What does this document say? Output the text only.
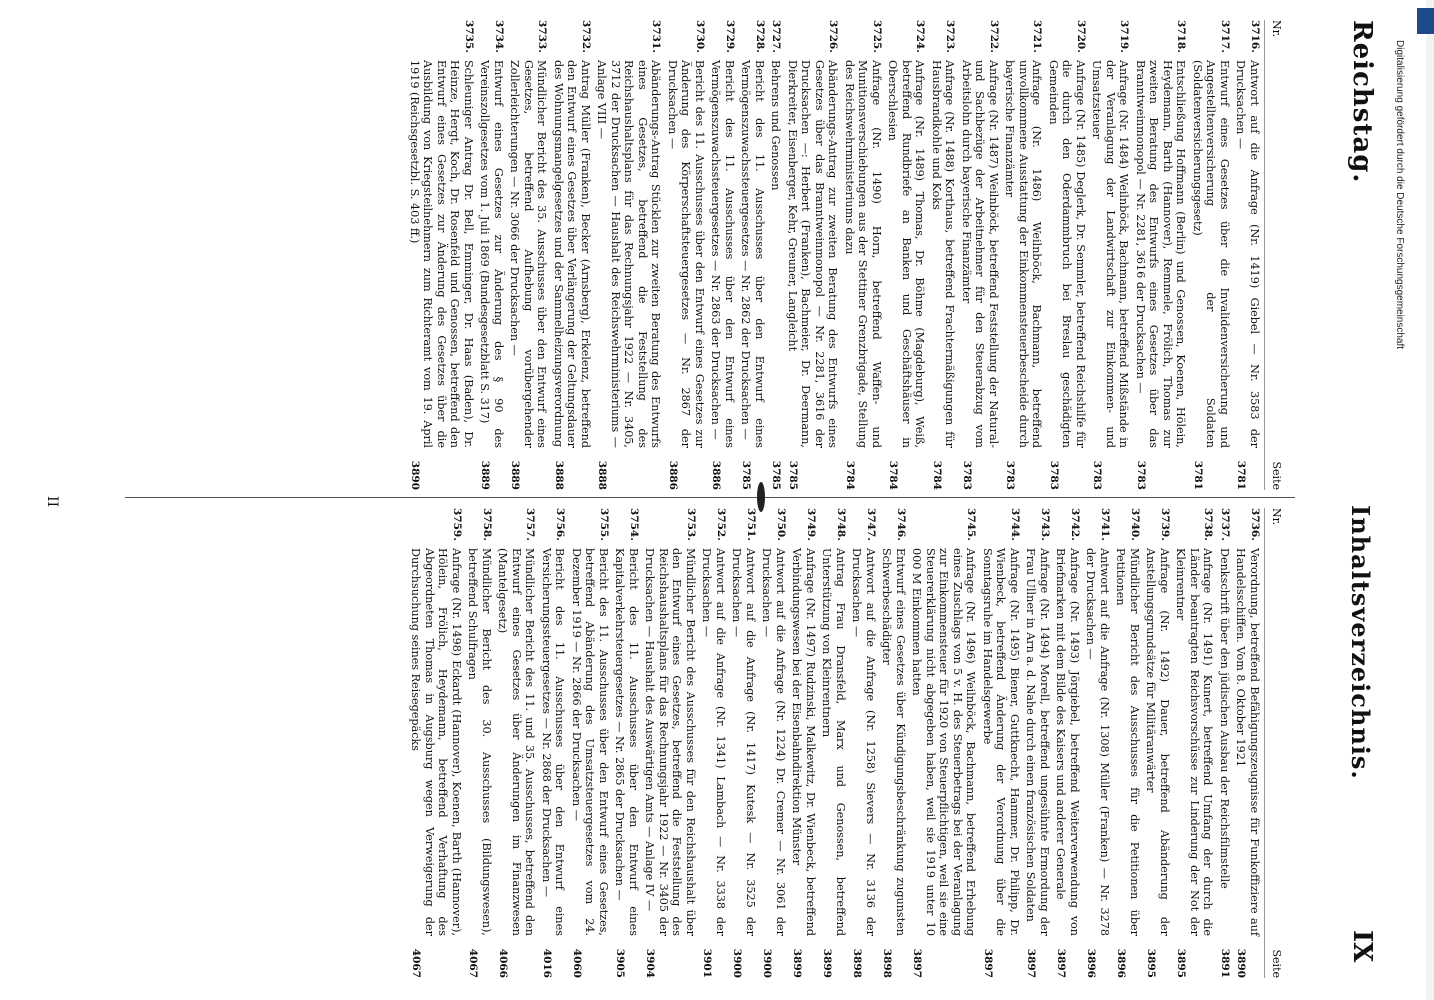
Reichstag.
Inhaltsverzeichnis.
IX
Nr.
Seite
3716.
Antwort auf die Anfrage (Nr. 1419) Giebel — Nr. 3583 der Drucksachen —
3781
3717.
Entwurf eines Gesetzes über die Invalidenversicherung und Angestelltenversicherung der Soldaten (Soldatenversicherungsgesetz)
3781
3718.
Entschließung Hoffmann (Berlin) und Genossen, Koenen, Hölein, Heydemann, Barth (Hannover), Remmele, Frölich, Thomas zur zweiten Beratung des Entwurfs eines Gesetzes über das Branntweinmonopol — Nr. 2281, 3616 der Drucksachen —
3783
3719.
Anfrage (Nr. 1484) Weilnböck, Bachmann, betreffend Mißstände in der Veranlagung der Landwirtschaft zur Einkommen- und Umsatzsteuer
3783
3720.
Anfrage (Nr. 1485) Deglerk, Dr. Semmler, betreffend Reichshilfe für die durch den Oderdammbruch bei Breslau geschädigten Gemeinden
3783
3721.
Anfrage (Nr. 1486) Weilnböck, Bachmann, betreffend unvollkommene Ausstattung der Einkommensteuerbescheide durch bayerische Finanzämter
3783
3722.
Anfrage (Nr. 1487) Weilnböck, betreffend Feststellung der Natural- und Sachbezüge der Arbeitnehmer für den Steuerabzug vom Arbeitslohn durch bayerische Finanzämter
3783
3723.
Anfrage (Nr. 1488) Korthaus, betreffend Frachtermäßigungen für Hausbrandkohle und Koks
3784
3724.
Anfrage (Nr. 1489) Thomas, Dr. Böhme (Magdeburg), Weiß, betreffend Rundbriefe an Banken und Geschäftshäuser in Oberschlesien
3784
3725.
Anfrage (Nr. 1490) Horn, betreffend Waffen- und Munitionsverschiebungen aus der Stettiner Grenzbrigade, Stellung des Reichswehrministeriums dazu
3784
3726.
Abänderungs-Antrag zur zweiten Beratung des Entwurfs eines Gesetzes über das Branntweinmonopol — Nr. 2281, 3616 der Drucksachen —: Herbert (Franken), Bachmeier, Dr. Deermann, Dierkreiter, Eisenberger, Kehr, Greuner, Langleicht
3785
3727.
Behrens und Genossen
3785
3728.
Bericht des 11. Ausschusses über den Entwurf eines Vermögenszuwachssteuergesetzes — Nr. 2862 der Drucksachen —
3785
3729.
Bericht des 11. Ausschusses über den Entwurf eines Vermögenszuwachssteuergesetzes — Nr. 2863 der Drucksachen —
3886
3730.
Bericht des 11. Ausschusses über den Entwurf eines Gesetzes zur Änderung des Körperschaftsteuergesetzes — Nr. 2867 der Drucksachen —
3886
3731.
Abänderungs-Antrag Stücklen zur zweiten Beratung des Entwurfs eines Gesetzes, betreffend die Feststellung des Reichshaushaltsplans für das Rechnungsjahr 1922 — Nr. 3405, 3712 der Drucksachen — Haushalt des Reichswehrministeriums — Anlage VIII —
3888
3732.
Antrag Müller (Franken), Becker (Arnsberg), Erkelenz, betreffend den Entwurf eines Gesetzes über Verlängerung der Geltungsdauer des Wohnungsmangelgesetzes und der Sammelheizungsverordnung
3888
3733.
Mündlicher Bericht des 35. Ausschusses über den Entwurf eines Gesetzes, betreffend Aufhebung vorübergehender Zollerleichterungen — Nr. 3066 der Drucksachen —
3889
3734.
Entwurf eines Gesetzes zur Änderung des § 90 des Vereinszollgesetzes vom 1. Juli 1869 (Bundesgesetzblatt S. 317)
3889
3735.
Schleuniger Antrag Dr. Bell, Emminger, Dr. Haas (Baden), Dr. Heinze, Hergt, Koch, Dr. Rosenfeld und Genossen, betreffend den Entwurf eines Gesetzes zur Änderung des Gesetzes über die Ausbildung von Kriegsteilnehmern zum Richteramt vom 19. April 1919 (Reichsgesetzbl. S. 403 ff.)
3890
Nr.
Seite
3736.
Verordnung, betreffend Befähigungszeugnisse für Funkoffiziere auf Handelsschiffen. Vom 8. Oktober 1921
3890
3737.
Denkschrift über den jüdischen Ausbau der Reichsfilmstelle
3891
3738.
Anfrage (Nr. 1491) Kunert, betreffend Umfang der durch die Länder beantragten Reichsvorschüsse zur Linderung der Not der Kleinrentner
3895
3739.
Anfrage (Nr. 1492) Dauer, betreffend Abänderung der Anstellungsgrundsätze für Militäranwärter
3895
3740.
Mündlicher Bericht des Ausschusses für die Petitionen über Petitionen
3896
3741.
Antwort auf die Anfrage (Nr. 1308) Müller (Franken) — Nr. 3278 der Drucksachen —
3896
3742.
Anfrage (Nr. 1493) Jörgiebel, betreffend Weiterverwendung von Briefmarken mit dem Bilde des Kaisers und anderer Generale
3897
3743.
Anfrage (Nr. 1494) Morell, betreffend ungesühnte Ermordung der Frau Ullner in Arn a. d. Nahe durch einen französischen Soldaten
3897
3744.
Anfrage (Nr. 1495) Biener, Guttknecht, Hammer, Dr. Philipp, Dr. Wienbeck, betreffend Änderung der Verordnung über die Sonntagsruhe im Handelsgewerbe
3897
3745.
Anfrage (Nr. 1496) Weilnböck, Bachmann, betreffend Erhebung eines Zuschlags von 5 v. H. des Steuerbetrags bei der Veranlagung zur Einkommensteuer für 1920 von Steuerpflichtigen, weil sie eine Steuererklärung nicht abgegeben haben, weil sie 1919 unter 10 000 M Einkommen hatten
3897
3746.
Entwurf eines Gesetzes über Kündigungsbeschränkung zugunsten Schwerbeschädigter
3898
3747.
Antwort auf die Anfrage (Nr. 1258) Sievers — Nr. 3136 der Drucksachen —
3898
3748.
Antrag Frau Dransfeld, Marx und Genossen, betreffend Unterstützung von Kleinrentnern
3899
3749.
Anfrage (Nr. 1497) Rudzinski, Malkewitz, Dr. Wienbeck, betreffend Verbindungswesen bei der Eisenbahndirektion Münster
3899
3750.
Antwort auf die Anfrage (Nr. 1224) Dr. Cremer — Nr. 3061 der Drucksachen —
3900
3751.
Antwort auf die Anfrage (Nr. 1417) Kutesk — Nr. 3525 der Drucksachen —
3900
3752.
Antwort auf die Anfrage (Nr. 1341) Lambach — Nr. 3338 der Drucksachen —
3901
3753.
Mündlicher Bericht des Ausschusses für den Reichshaushalt über den Entwurf eines Gesetzes, betreffend die Feststellung des Reichshaushaltsplans für das Rechnungsjahr 1922 — Nr. 3405 der Drucksachen — Haushalt des Auswärtigen Amts — Anlage IV —
3904
3754.
Bericht des 11. Ausschusses über den Entwurf eines Kapitalverkehrsteuergesetzes — Nr. 2865 der Drucksachen —
3905
3755.
Bericht des 11. Ausschusses über den Entwurf eines Gesetzes, betreffend Abänderung des Umsatzsteuergesetzes vom 24. Dezember 1919 — Nr. 2866 der Drucksachen —
4060
3756.
Bericht des 11. Ausschusses über den Entwurf eines Versicherungssteuergesetzes — Nr. 2868 der Drucksachen —
4016
3757.
Mündlicher Bericht des 11. und 35. Ausschusses, betreffend den Entwurf eines Gesetzes über Änderungen im Finanzwesen (Mantelgesetz)
4066
3758.
Mündlicher Bericht des 30. Ausschusses (Bildungswesen), betreffend Schulfragen
4067
3759.
Anfrage (Nr. 1498) Eckardt (Hannover), Koenen, Barth (Hannover), Hölein, Frölich, Heydemann, betreffend Verhaftung des Abgeordneten Thomas in Augsburg wegen Verweigerung der Durchsuchung seines Reisegepäcks
4067
II
Digitalisierung gefördert durch die Deutsche Forschungsgemeinschaft
